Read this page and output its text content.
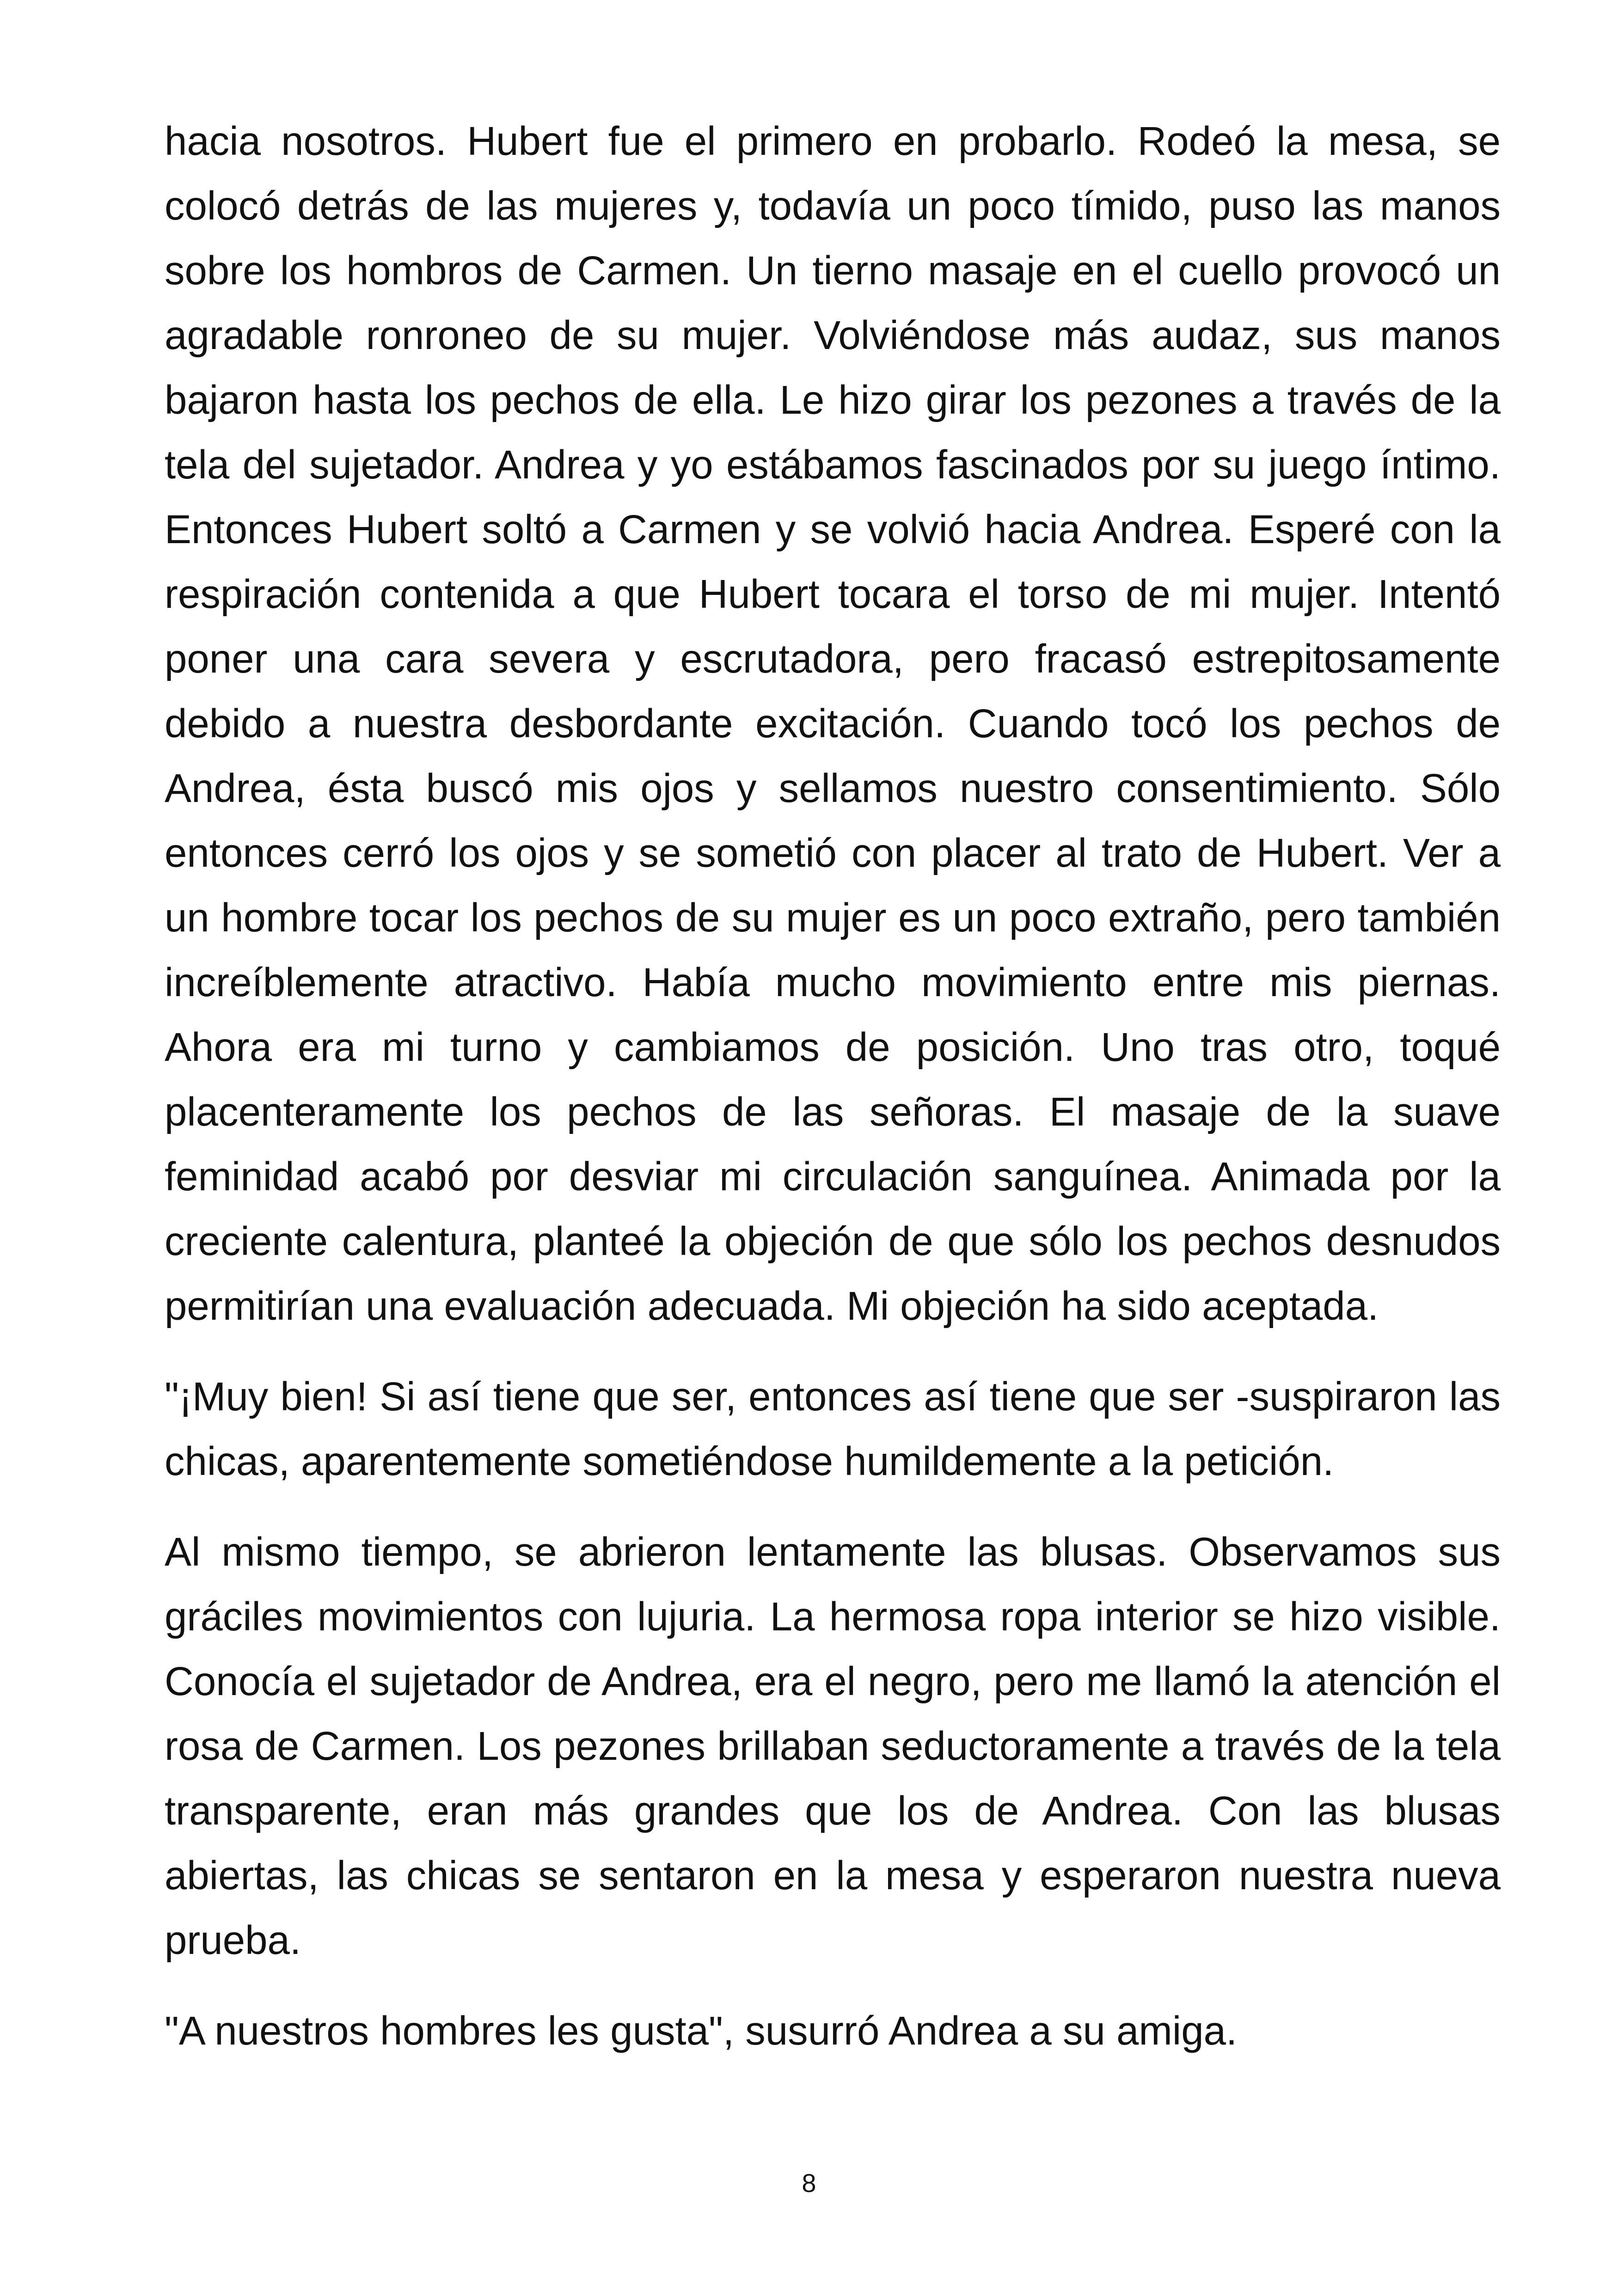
hacia nosotros. Hubert fue el primero en probarlo. Rodeó la mesa, se colocó detrás de las mujeres y, todavía un poco tímido, puso las manos sobre los hombros de Carmen. Un tierno masaje en el cuello provocó un agradable ronroneo de su mujer. Volviéndose más audaz, sus manos bajaron hasta los pechos de ella. Le hizo girar los pezones a través de la tela del sujetador. Andrea y yo estábamos fascinados por su juego íntimo. Entonces Hubert soltó a Carmen y se volvió hacia Andrea. Esperé con la respiración contenida a que Hubert tocara el torso de mi mujer. Intentó poner una cara severa y escrutadora, pero fracasó estrepitosamente debido a nuestra desbordante excitación. Cuando tocó los pechos de Andrea, ésta buscó mis ojos y sellamos nuestro consentimiento. Sólo entonces cerró los ojos y se sometió con placer al trato de Hubert. Ver a un hombre tocar los pechos de su mujer es un poco extraño, pero también increíblemente atractivo. Había mucho movimiento entre mis piernas. Ahora era mi turno y cambiamos de posición. Uno tras otro, toqué placenteramente los pechos de las señoras. El masaje de la suave feminidad acabó por desviar mi circulación sanguínea. Animada por la creciente calentura, planteé la objeción de que sólo los pechos desnudos permitirían una evaluación adecuada. Mi objeción ha sido aceptada.

"¡Muy bien! Si así tiene que ser, entonces así tiene que ser -suspiraron las chicas, aparentemente sometiéndose humildemente a la petición.

Al mismo tiempo, se abrieron lentamente las blusas. Observamos sus gráciles movimientos con lujuria. La hermosa ropa interior se hizo visible. Conocía el sujetador de Andrea, era el negro, pero me llamó la atención el rosa de Carmen. Los pezones brillaban seductoramente a través de la tela transparente, eran más grandes que los de Andrea. Con las blusas abiertas, las chicas se sentaron en la mesa y esperaron nuestra nueva prueba.

"A nuestros hombres les gusta", susurró Andrea a su amiga.

8
